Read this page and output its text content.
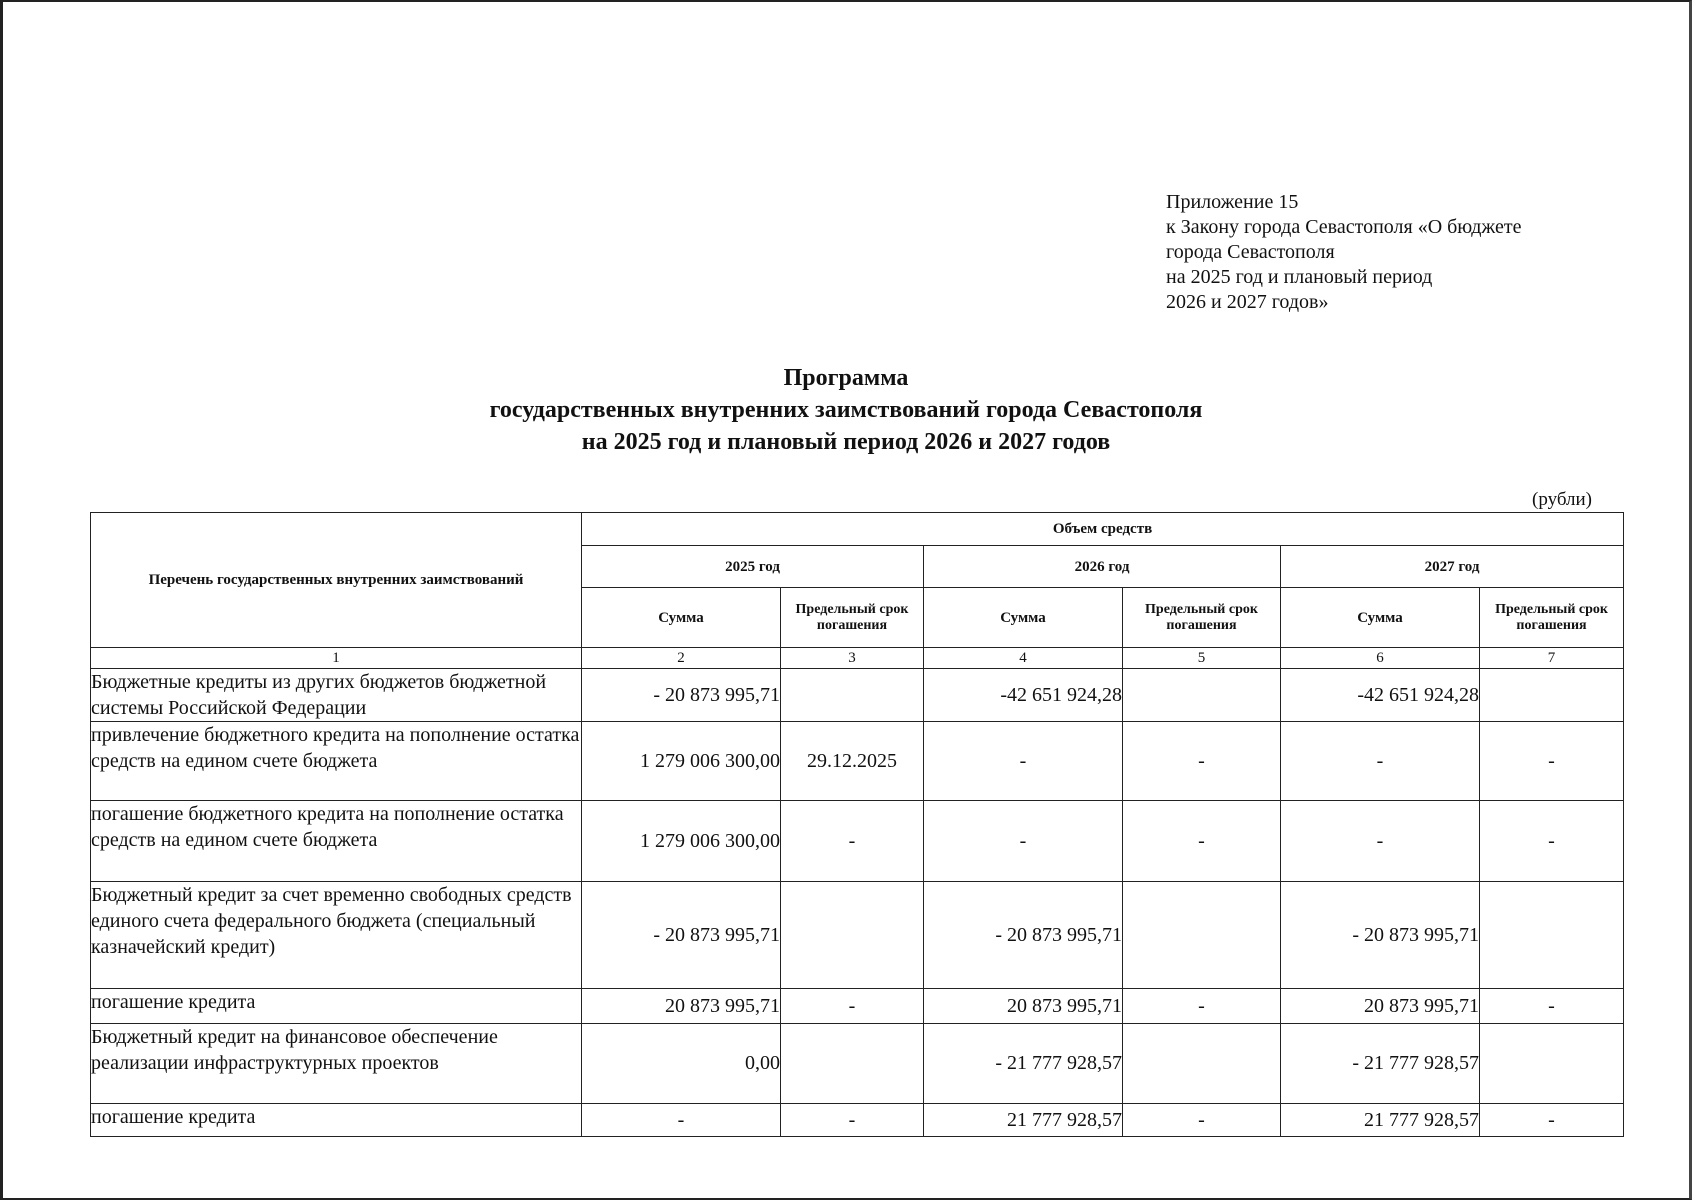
Приложение 15
к Закону города Севастополя «О бюджете
города Севастополя
на 2025 год и плановый период
2026 и 2027 годов»
Программа
государственных внутренних заимствований города Севастополя
на 2025 год и плановый период 2026 и 2027 годов
(рубли)
Перечень государственных внутренних заимствований	Объем средств					
	2025 год		2026 год		2027 год	
	Сумма	Предельный срок погашения	Сумма	Предельный срок погашения	Сумма	Предельный срок погашения
1	2	3	4	5	6	7
Бюджетные кредиты из других бюджетов бюджетной системы Российской Федерации	- 20 873 995,71		-42 651 924,28		-42 651 924,28	
привлечение бюджетного кредита на пополнение остатка средств на едином счете бюджета	1 279 006 300,00	29.12.2025	-	-	-	-
погашение бюджетного кредита на пополнение остатка средств на едином счете бюджета	1 279 006 300,00	-	-	-	-	-
Бюджетный кредит за счет временно свободных средств единого счета федерального бюджета (специальный казначейский кредит)	- 20 873 995,71		- 20 873 995,71		- 20 873 995,71	
погашение кредита	20 873 995,71	-	20 873 995,71	-	20 873 995,71	-
Бюджетный кредит на финансовое обеспечение реализации инфраструктурных проектов	0,00		- 21 777 928,57		- 21 777 928,57	
погашение кредита	-	-	21 777 928,57	-	21 777 928,57	-
